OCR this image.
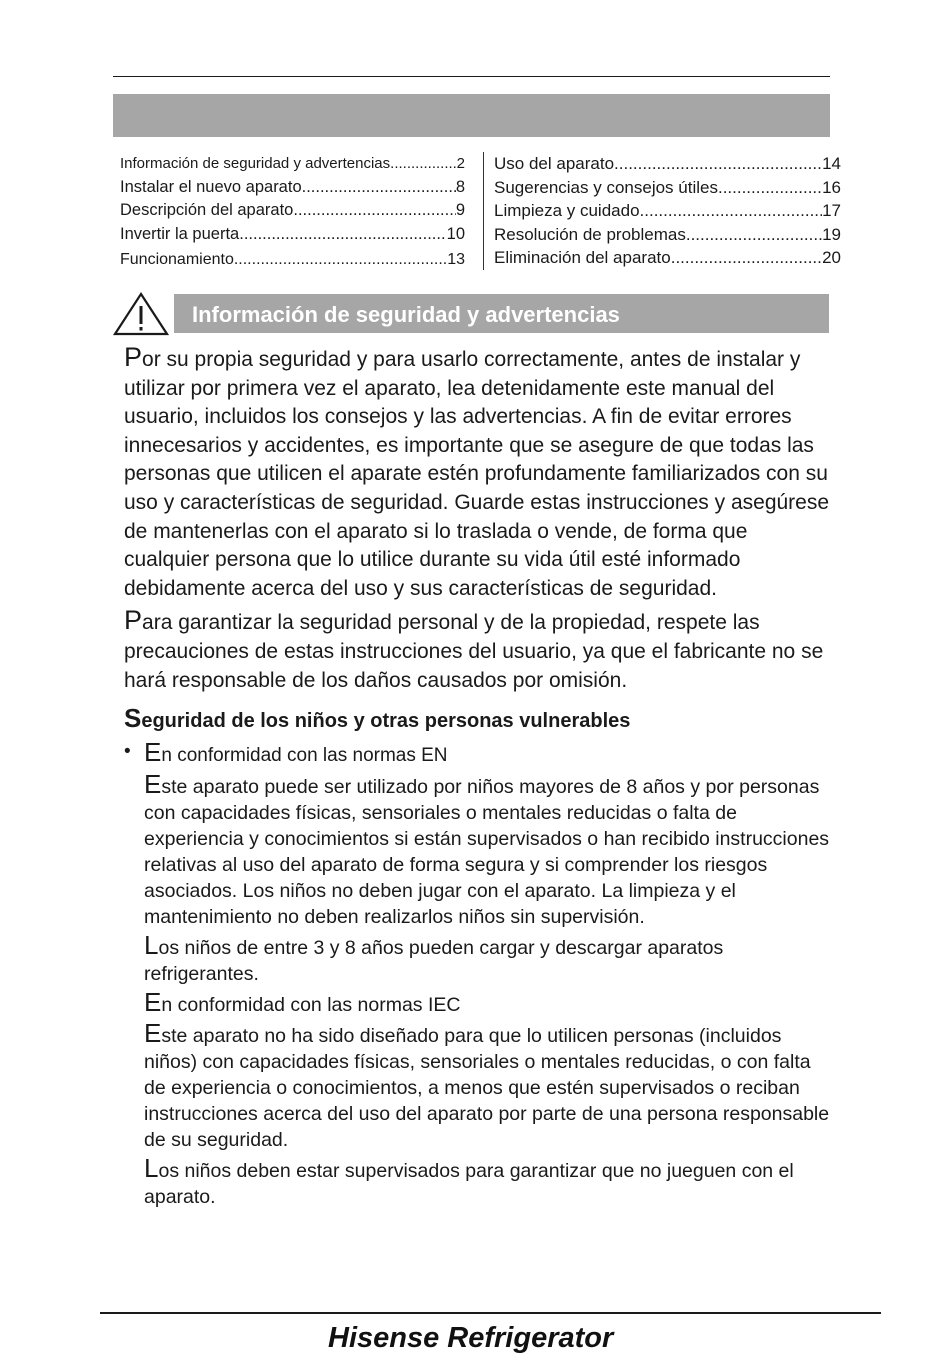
Información de seguridad y advertencias .....	2
Instalar el nuevo aparato .....	8
Descripción del aparato .....	9
Invertir la puerta .....	10
Funcionamiento .....	13
Uso del aparato .....	14
Sugerencias y consejos útiles .....	16
Limpieza y cuidado .....	17
Resolución de problemas .....	19
Eliminación del aparato .....	20
Información de seguridad y advertencias

Por su propia seguridad y para usarlo correctamente, antes de instalar y utilizar por primera vez el aparato, lea detenidamente este manual del usuario, incluidos los consejos y las advertencias. A fin de evitar errores innecesarios y accidentes, es importante que se asegure de que todas las personas que utilicen el aparate estén profundamente familiarizados con su uso y características de seguridad. Guarde estas instrucciones y asegúrese de mantenerlas con el aparato si lo traslada o vende, de forma que cualquier persona que lo utilice durante su vida útil esté informado debidamente acerca del uso y sus características de seguridad.

Para garantizar la seguridad personal y de la propiedad, respete las precauciones de estas instrucciones del usuario, ya que el fabricante no se hará responsable de los daños causados por omisión.

Seguridad de los niños y otras personas vulnerables
• En conformidad con las normas EN
Este aparato puede ser utilizado por niños mayores de 8 años y por personas con capacidades físicas, sensoriales o mentales reducidas o falta de experiencia y conocimientos si están supervisados o han recibido instrucciones relativas al uso del aparato de forma segura y si comprender los riesgos asociados. Los niños no deben jugar con el aparato. La limpieza y el mantenimiento no deben realizarlos niños sin supervisión.
Los niños de entre 3 y 8 años pueden cargar y descargar aparatos refrigerantes.
En conformidad con las normas IEC
Este aparato no ha sido diseñado para que lo utilicen personas (incluidos niños) con capacidades físicas, sensoriales o mentales reducidas, o con falta de experiencia o conocimientos, a menos que estén supervisados o reciban instrucciones acerca del uso del aparato por parte de una persona responsable de su seguridad.
Los niños deben estar supervisados para garantizar que no jueguen con el aparato.
Hisense Refrigerator
